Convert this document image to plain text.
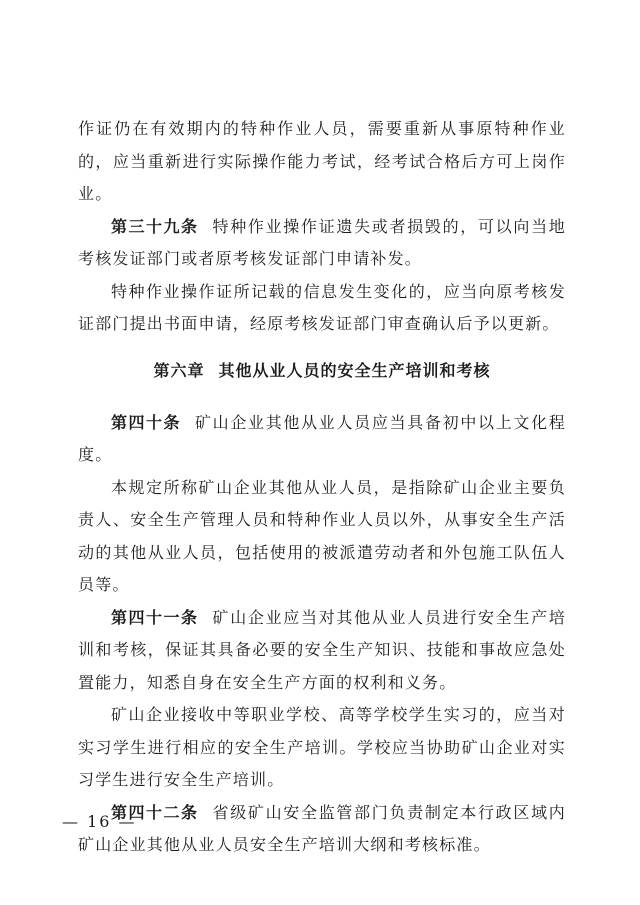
作证仍在有效期内的特种作业人员，需要重新从事原特种作业的，应当重新进行实际操作能力考试，经考试合格后方可上岗作业。

第三十九条 特种作业操作证遗失或者损毁的，可以向当地考核发证部门或者原考核发证部门申请补发。

特种作业操作证所记载的信息发生变化的，应当向原考核发证部门提出书面申请，经原考核发证部门审查确认后予以更新。

第六章 其他从业人员的安全生产培训和考核

第四十条 矿山企业其他从业人员应当具备初中以上文化程度。

本规定所称矿山企业其他从业人员，是指除矿山企业主要负责人、安全生产管理人员和特种作业人员以外，从事安全生产活动的其他从业人员，包括使用的被派遣劳动者和外包施工队伍人员等。

第四十一条 矿山企业应当对其他从业人员进行安全生产培训和考核，保证其具备必要的安全生产知识、技能和事故应急处置能力，知悉自身在安全生产方面的权利和义务。

矿山企业接收中等职业学校、高等学校学生实习的，应当对实习学生进行相应的安全生产培训。学校应当协助矿山企业对实习学生进行安全生产培训。

第四十二条 省级矿山安全监管部门负责制定本行政区域内矿山企业其他从业人员安全生产培训大纲和考核标准。

— 16 —
